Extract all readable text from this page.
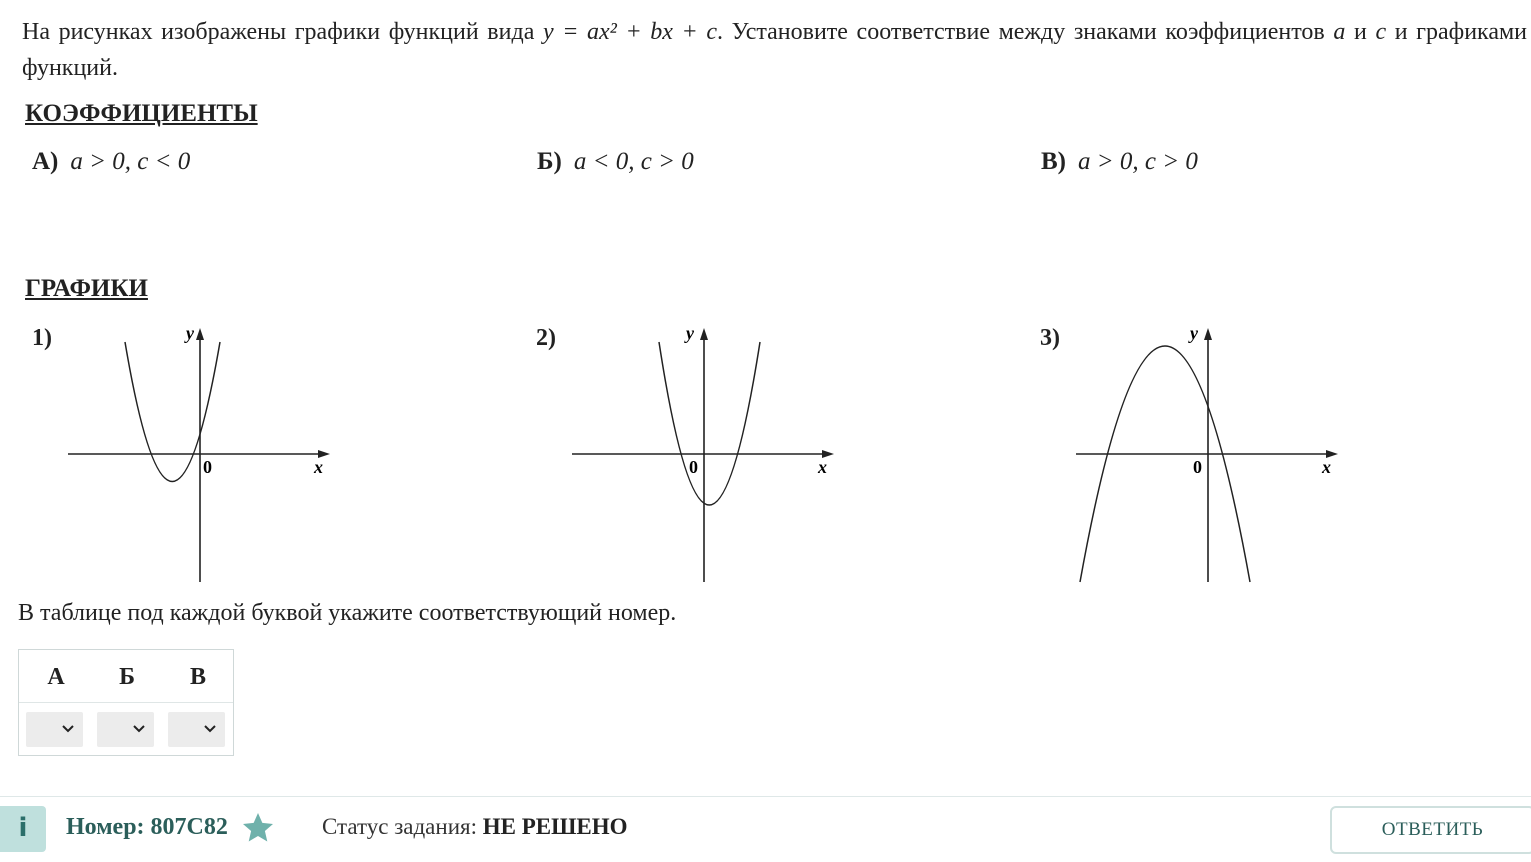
На рисунках изображены графики функций вида y = ax² + bx + c. Установите соответствие между знаками коэффициентов a и c и графиками функций.
КОЭФФИЦИЕНТЫ
А) a > 0, c < 0	Б) a < 0, c > 0	В) a > 0, c > 0
ГРАФИКИ
1)	y
x
0
2)	y
x
0
3)	y
x
0
В таблице под каждой буквой укажите соответствующий номер.
А	Б	В
i	Номер: 807C82	Статус задания: НЕ РЕШЕНО	ОТВЕТИТЬ
